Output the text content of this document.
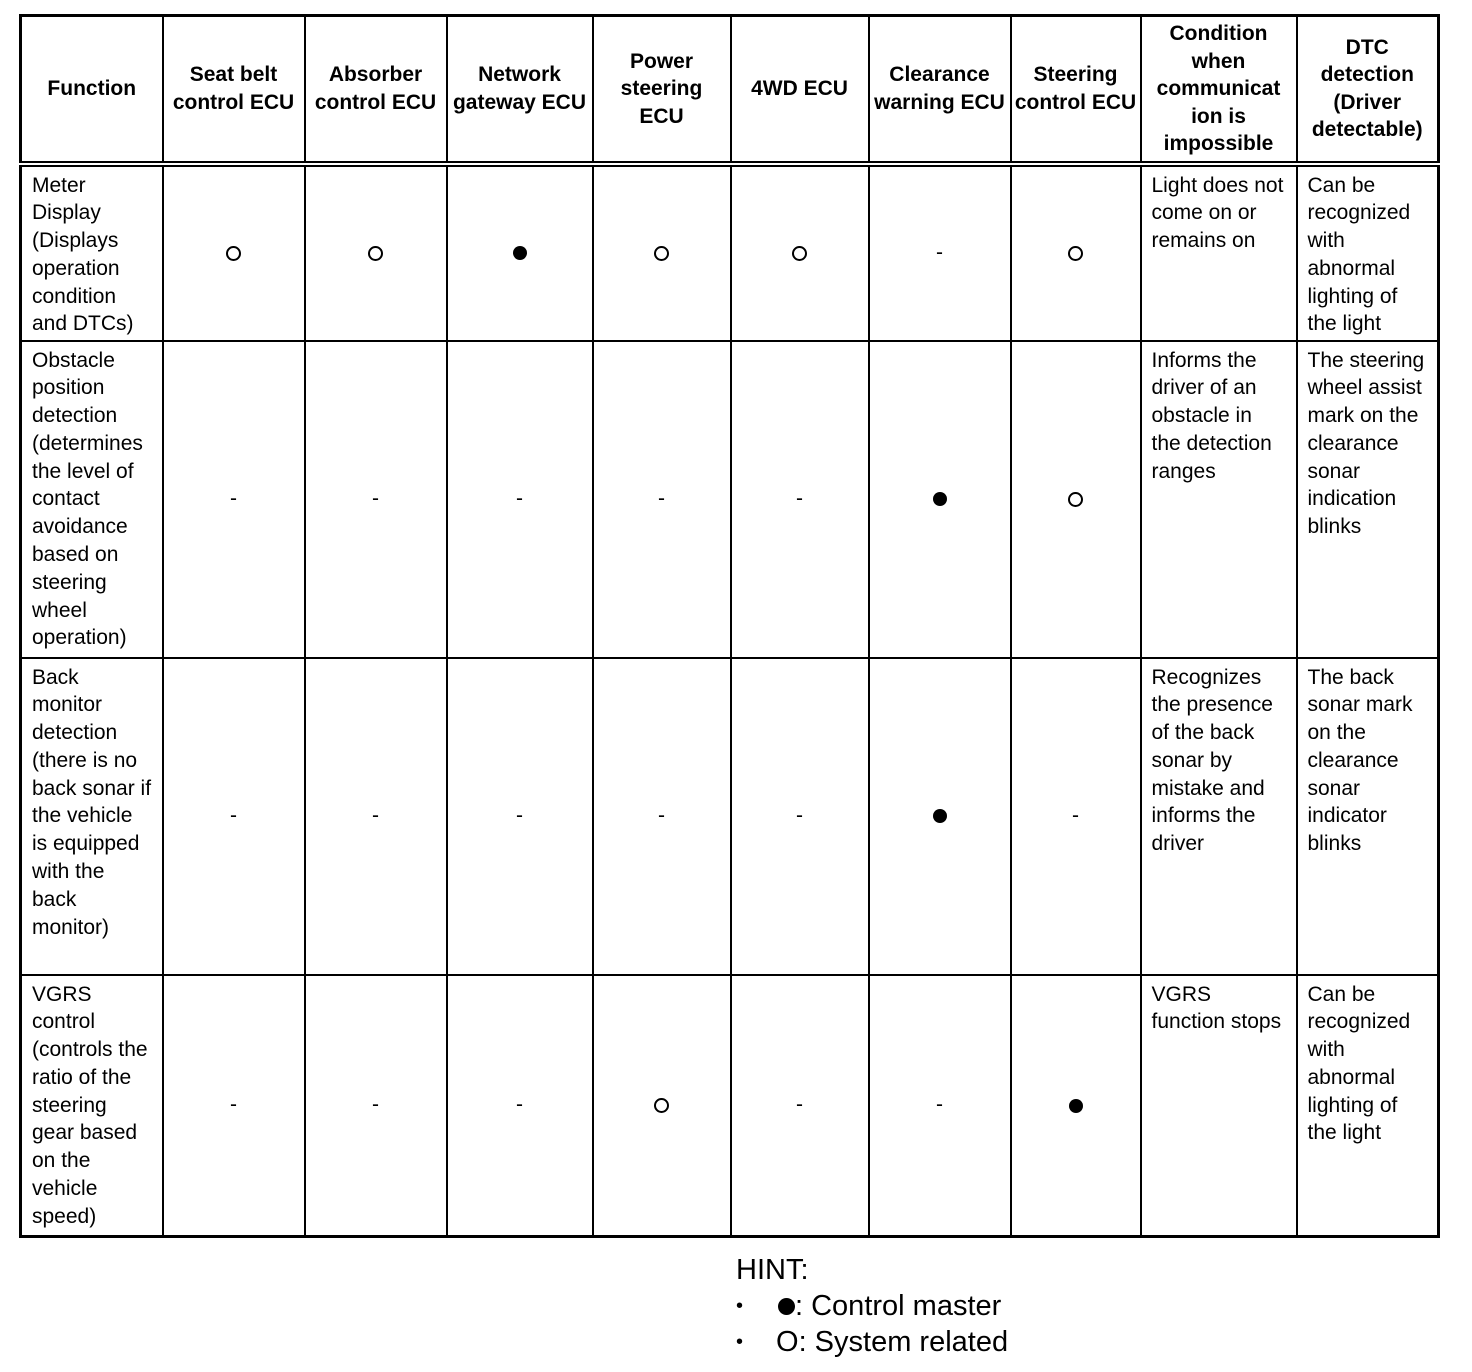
Function	Seat belt control ECU	Absorber control ECU	Network gateway ECU	Power steering ECU	4WD ECU	Clearance warning ECU	Steering control ECU	Condition when communicat ion is impossible	DTC detection (Driver detectable)
Meter Display (Displays operation condition and DTCs)						-		Light does not come on or remains on	Can be recognized with abnormal lighting of the light
Obstacle position detection (determines the level of contact avoidance based on steering wheel operation)	-	-	-	-	-			Informs the driver of an obstacle in the detection ranges	The steering wheel assist mark on the clearance sonar indication blinks
Back monitor detection (there is no back sonar if the vehicle is equipped with the back monitor)	-	-	-	-	-		-	Recognizes the presence of the back sonar by mistake and informs the driver	The back sonar mark on the clearance sonar indicator blinks
VGRS control (controls the ratio of the steering gear based on the vehicle speed)	-	-	-		-	-		VGRS function stops	Can be recognized with abnormal lighting of the light
HINT:
•	: Control master
•	O : System related
